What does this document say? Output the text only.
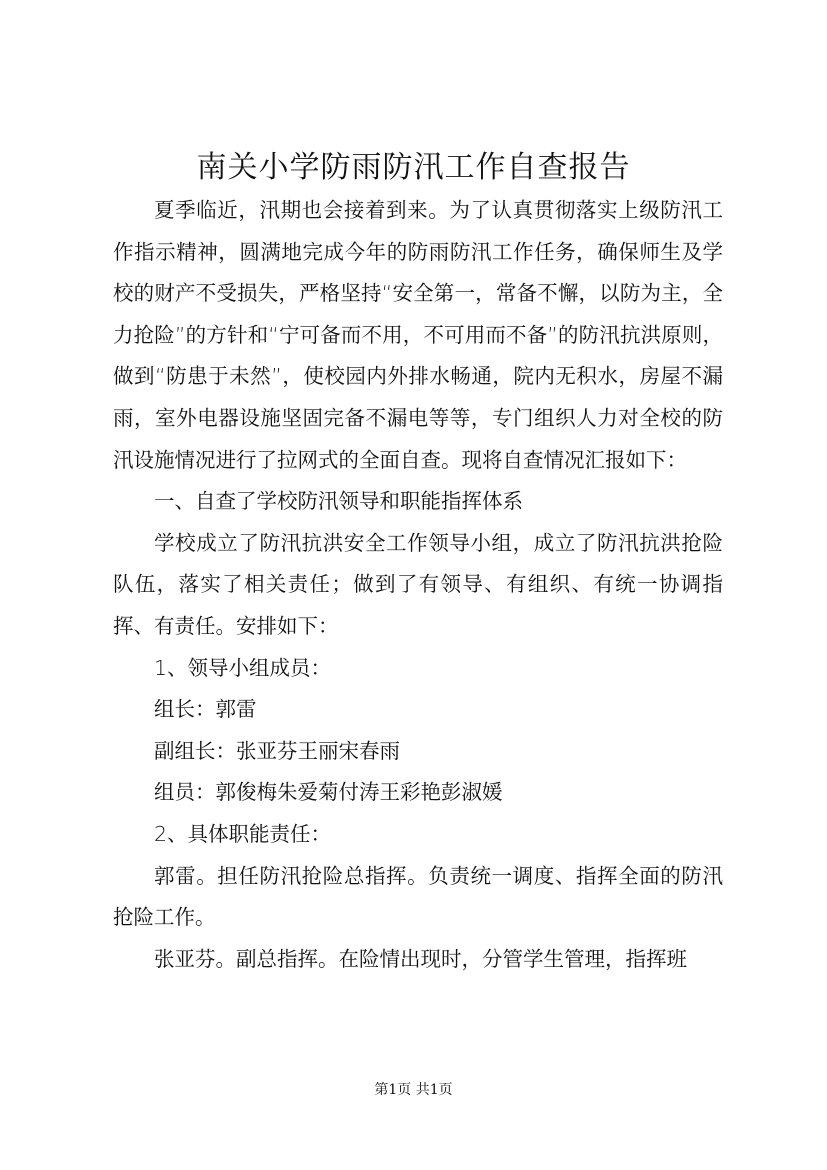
南关小学防雨防汛工作自查报告

夏季临近，汛期也会接着到来。为了认真贯彻落实上级防汛工作指示精神，圆满地完成今年的防雨防汛工作任务，确保师生及学校的财产不受损失，严格坚持“安全第一，常备不懈，以防为主，全力抢险”的方针和“宁可备而不用，不可用而不备”的防汛抗洪原则，做到“防患于未然”，使校园内外排水畅通，院内无积水，房屋不漏雨，室外电器设施坚固完备不漏电等等，专门组织人力对全校的防汛设施情况进行了拉网式的全面自查。现将自查情况汇报如下：

一、自查了学校防汛领导和职能指挥体系

学校成立了防汛抗洪安全工作领导小组，成立了防汛抗洪抢险队伍，落实了相关责任；做到了有领导、有组织、有统一协调指挥、有责任。安排如下：

1、领导小组成员：

组长：郭雷

副组长：张亚芬王丽宋春雨

组员：郭俊梅朱爱菊付涛王彩艳彭淑媛

2、具体职能责任：

郭雷。担任防汛抢险总指挥。负责统一调度、指挥全面的防汛抢险工作。

张亚芬。副总指挥。在险情出现时，分管学生管理，指挥班

第1页 共1页
